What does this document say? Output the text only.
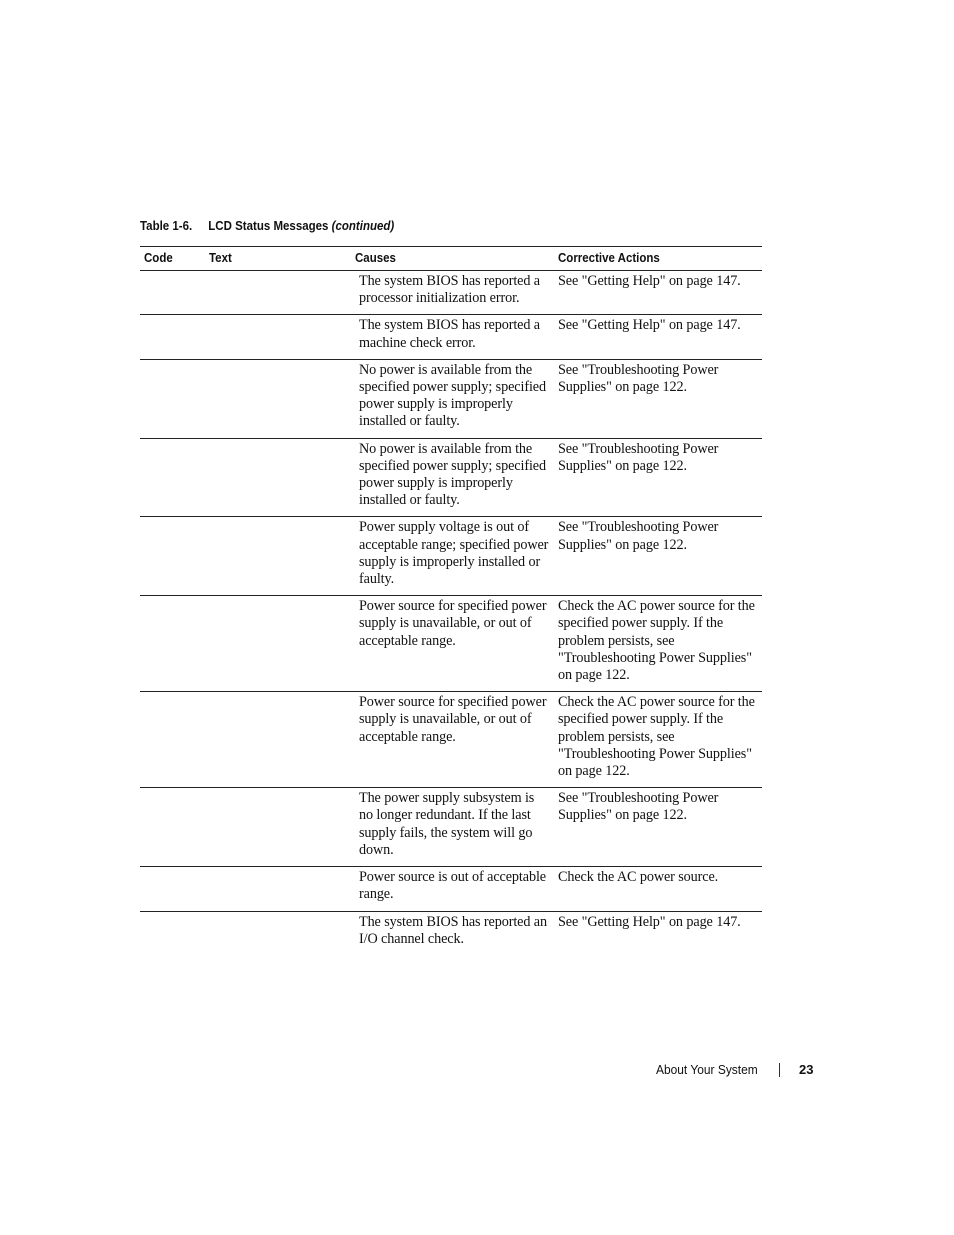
Table 1-6. LCD Status Messages (continued)
Code	Text	Causes	Corrective Actions
		The system BIOS has reported a processor initialization error.	See "Getting Help" on page 147.
		The system BIOS has reported a machine check error.	See "Getting Help" on page 147.
		No power is available from the specified power supply; specified power supply is improperly installed or faulty.	See "Troubleshooting Power Supplies" on page 122.
		No power is available from the specified power supply; specified power supply is improperly installed or faulty.	See "Troubleshooting Power Supplies" on page 122.
		Power supply voltage is out of acceptable range; specified power supply is improperly installed or faulty.	See "Troubleshooting Power Supplies" on page 122.
		Power source for specified power supply is unavailable, or out of acceptable range.	Check the AC power source for the specified power supply. If the problem persists, see "Troubleshooting Power Supplies" on page 122.
		Power source for specified power supply is unavailable, or out of acceptable range.	Check the AC power source for the specified power supply. If the problem persists, see "Troubleshooting Power Supplies" on page 122.
		The power supply subsystem is no longer redundant. If the last supply fails, the system will go down.	See "Troubleshooting Power Supplies" on page 122.
		Power source is out of acceptable range.	Check the AC power source.
		The system BIOS has reported an I/O channel check.	See "Getting Help" on page 147.
About Your System	23
